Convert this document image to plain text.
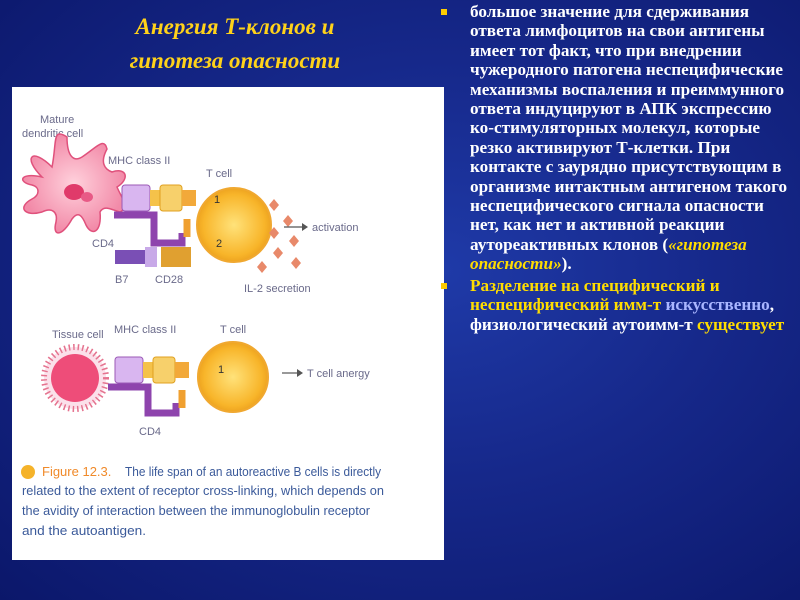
Анергия Т-клонов и
гипотеза опасности
Mature
dendritic cell
MHC class II
CD4
B7 CD28
T cell
1
2
activation
IL-2 secretion
Tissue cell MHC class II
CD4
T cell
1	T cell anergy
Figure 12.3. The life span of an autoreactive B cells is directly
related to the extent of receptor cross-linking, which depends on
the avidity of interaction between the immunoglobulin receptor
and the autoantigen.
большое значение для сдерживания ответа лимфоцитов на свои антигены имеет тот факт, что при внедрении чужеродного патогена неспецифические механизмы воспаления и преиммунного ответа индуцируют в АПК экспрессию ко-стимуляторных молекул, которые резко активируют Т-клетки. При контакте с заурядно присутствующим в организме интактным антигеном такого неспецифического сигнала опасности нет, как нет и активной реакции аутореактивных клонов («гипотеза опасности»).
Разделение на специфический и неспецифический имм-т искусственно, физиологический аутоимм-т существует
